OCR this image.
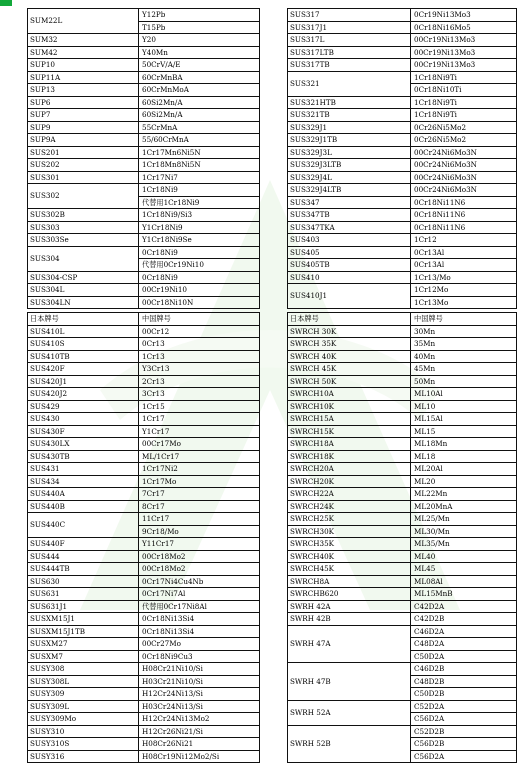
SUM22L	Y12Pb
	T15Pb
SUM32	Y20
SUM42	Y40Mn
SUP10	50CrV/A/E
SUP11A	60CrMnBA
SUP13	60CrMnMoA
SUP6	60Si2Mn/A
SUP7	60Si2Mn/A
SUP9	55CrMnA
SUP9A	55/60CrMnA
SUS201	1Cr17Mn6Ni5N
SUS202	1Cr18Mn8Ni5N
SUS301	1Cr17Ni7
SUS302	1Cr18Ni9
	代替用1Cr18Ni9
SUS302B	1Cr18Ni9/Si3
SUS303	Y1Cr18Ni9
SUS303Se	Y1Cr18Ni9Se
SUS304	0Cr18Ni9
	代替用0Cr19Ni10
SUS304-CSP	0Cr18Ni9
SUS304L	00Cr19Ni10
SUS304LN	00Cr18Ni10N
日本牌号	中国牌号
SUS410L	00Cr12
SUS410S	0Cr13
SUS410TB	1Cr13
SUS420F	Y3Cr13
SUS420J1	2Cr13
SUS420J2	3Cr13
SUS429	1Cr15
SUS430	1Cr17
SUS430F	Y1Cr17
SUS430LX	00Cr17Mo
SUS430TB	ML/1Cr17
SUS431	1Cr17Ni2
SUS434	1Cr17Mo
SUS440A	7Cr17
SUS440B	8Cr17
SUS440C	11Cr17
	9Cr18/Mo
SUS440F	Y11Cr17
SUS444	00Cr18Mo2
SUS444TB	00Cr18Mo2
SUS630	0Cr17Ni4Cu4Nb
SUS631	0Cr17Ni7Al
SUS631J1	代替用0Cr17Ni8Al
SUSXM15J1	0Cr18Ni13Si4
SUSXM15J1TB	0Cr18Ni13Si4
SUSXM27	00Cr27Mo
SUSXM7	0Cr18Ni9Cu3
SUSY308	H08Cr21Ni10/Si
SUSY308L	H03Cr21Ni10/Si
SUSY309	H12Cr24Ni13/Si
SUSY309L	H03Cr24Ni13/Si
SUSY309Mo	H12Cr24Ni13Mo2
SUSY310	H12Cr26Ni21/Si
SUSY310S	H08Cr26Ni21
SUSY316	H08Cr19Ni12Mo2/Si
SUS317	0Cr19Ni13Mo3
SUS317J1	0Cr18Ni16Mo5
SUS317L	00Cr19Ni13Mo3
SUS317LTB	00Cr19Ni13Mo3
SUS317TB	00Cr19Ni13Mo3
SUS321	1Cr18Ni9Ti
	0Cr18Ni10Ti
SUS321HTB	1Cr18Ni9Ti
SUS321TB	1Cr18Ni9Ti
SUS329J1	0Cr26Ni5Mo2
SUS329J1TB	0Cr26Ni5Mo2
SUS329J3L	00Cr24Ni6Mo3N
SUS329J3LTB	00Cr24Ni6Mo3N
SUS329J4L	00Cr24Ni6Mo3N
SUS329J4LTB	00Cr24Ni6Mo3N
SUS347	0Cr18Ni11N6
SUS347TB	0Cr18Ni11N6
SUS347TKA	0Cr18Ni11N6
SUS403	1Cr12
SUS405	0Cr13Al
SUS405TB	0Cr13Al
SUS410	1Cr13/Mo
SUS410J1	1Cr12Mo
	1Cr13Mo
日本牌号	中国牌号
SWRCH 30K	30Mn
SWRCH 35K	35Mn
SWRCH 40K	40Mn
SWRCH 45K	45Mn
SWRCH 50K	50Mn
SWRCH10A	ML10Al
SWRCH10K	ML10
SWRCH15A	ML15Al
SWRCH15K	ML15
SWRCH18A	ML18Mn
SWRCH18K	ML18
SWRCH20A	ML20Al
SWRCH20K	ML20
SWRCH22A	ML22Mn
SWRCH24K	ML20MnA
SWRCH25K	ML25/Mn
SWRCH30K	ML30/Mn
SWRCH35K	ML35/Mn
SWRCH40K	ML40
SWRCH45K	ML45
SWRCH8A	ML08Al
SWRCHB620	ML15MnB
SWRH 42A	C42D2A
SWRH 42B	C42D2B
SWRH 47A	C46D2A
	C48D2A
	C50D2A
SWRH 47B	C46D2B
	C48D2B
	C50D2B
SWRH 52A	C52D2A
	C56D2A
SWRH 52B	C52D2B
	C56D2B
	C56D2A
